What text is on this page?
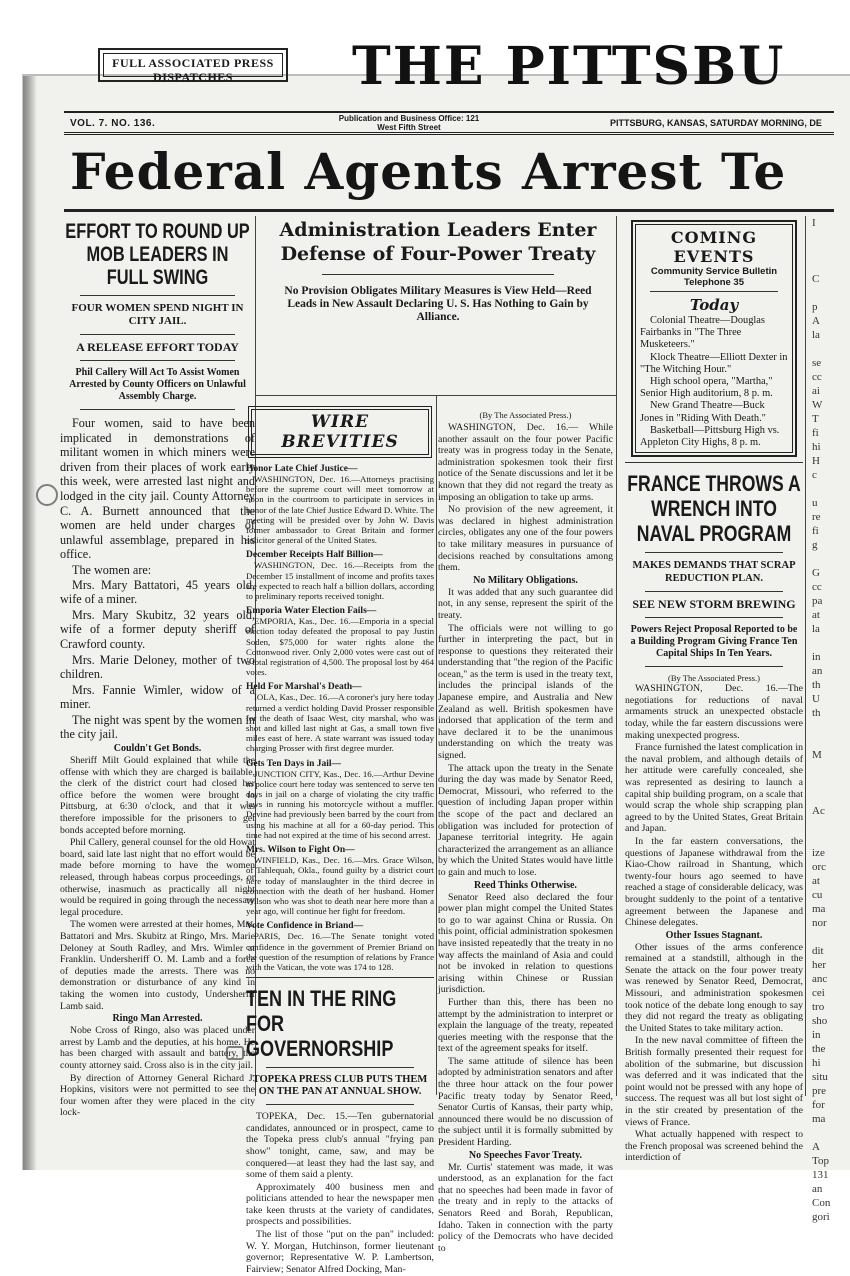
FULL ASSOCIATED PRESS DISPATCHES	THE PITTSBU
VOL. 7. NO. 136.	Publication and Business Office: 121 West Fifth Street	PITTSBURG, KANSAS, SATURDAY MORNING, DE
Federal Agents Arrest Te
EFFORT TO ROUND UP MOB LEADERS IN FULL SWING
FOUR WOMEN SPEND NIGHT IN CITY JAIL.
A RELEASE EFFORT TODAY
Phil Callery Will Act To Assist Women Arrested by County Officers on Unlawful Assembly Charge.

Four women, said to have been implicated in demonstrations of militant women in which miners were driven from their places of work early this week, were arrested last night and lodged in the city jail. County Attorney C. A. Burnett announced that the women are held under charges of unlawful assemblage, prepared in his office.

The women are:

Mrs. Mary Battatori, 45 years old, wife of a miner.

Mrs. Mary Skubitz, 32 years old, wife of a former deputy sheriff of Crawford county.

Mrs. Marie Deloney, mother of two children.

Mrs. Fannie Wimler, widow of a miner.

The night was spent by the women in the city jail.

Couldn't Get Bonds.

Sheriff Milt Gould explained that while the offense with which they are charged is bailable, the clerk of the district court had closed her office before the women were brought to Pittsburg, at 6:30 o'clock, and that it was therefore impossible for the prisoners to get bonds accepted before morning.

Phil Callery, general counsel for the old Howat board, said late last night that no effort would be made before morning to have the women released, through habeas corpus proceedings, or otherwise, inasmuch as practically all night would be required in going through the necessary legal procedure.

The women were arrested at their homes, Mrs. Battatori and Mrs. Skubitz at Ringo, Mrs. Marie Deloney at South Radley, and Mrs. Wimler at Franklin. Undersheriff O. M. Lamb and a force of deputies made the arrests. There was no demonstration or disturbance of any kind in taking the women into custody, Undersheriff Lamb said.

Ringo Man Arrested.

Nobe Cross of Ringo, also was placed under arrest by Lamb and the deputies, at his home. He has been charged with assault and battery, the county attorney said. Cross also is in the city jail.

By direction of Attorney General Richard J. Hopkins, visitors were not permitted to see the four women after they were placed in the city lock-

Administration Leaders Enter Defense of Four-Power Treaty
No Provision Obligates Military Measures is View Held—Reed Leads in New Assault Declaring U. S. Has Nothing to Gain by Alliance.
WIRE BREVITIES

Honor Late Chief Justice—

WASHINGTON, Dec. 16.—Attorneys practising before the supreme court will meet tomorrow at noon in the courtroom to participate in services in honor of the late Chief Justice Edward D. White. The meeting will be presided over by John W. Davis former ambassador to Great Britain and former solicitor general of the United States.

December Receipts Half Billion—

WASHINGTON, Dec. 16.—Receipts from the December 15 installment of income and profits taxes are expected to reach half a billion dollars, according to preliminary reports received tonight.

Emporia Water Election Fails—

EMPORIA, Kas., Dec. 16.—Emporia in a special election today defeated the proposal to pay Justin Soden, $75,000 for water rights alone the Cottonwood river. Only 2,000 votes were cast out of a total registration of 4,500. The proposal lost by 464 votes.

Held For Marshal's Death—

IOLA, Kas., Dec. 16.—A coroner's jury here today returned a verdict holding David Prosser responsible for the death of Isaac West, city marshal, who was shot and killed last night at Gas, a small town five miles east of here. A state warrant was issued today charging Prosser with first degree murder.

Gets Ten Days in Jail—

JUNCTION CITY, Kas., Dec. 16.—Arthur Devine in police court here today was sentenced to serve ten days in jail on a charge of violating the city traffic laws in running his motorcycle without a muffler. Devine had previously been barred by the court from using his machine at all for a 60-day period. This time had not expired at the time of his second arrest.

Mrs. Wilson to Fight On—

WINFIELD, Kas., Dec. 16.—Mrs. Grace Wilson, of Tahlequah, Okla., found guilty by a district court here today of manslaughter in the third decree in connection with the death of her husband. Homer Wilson who was shot to death near here more than a year ago, will continue her fight for freedom.

Vote Confidence in Briand—

PARIS, Dec. 16.—The Senate tonight voted confidence in the government of Premier Briand on the question of the resumption of relations by France with the Vatican, the vote was 174 to 128.

TEN IN THE RING FOR GOVERNORSHIP
TOPEKA PRESS CLUB PUTS THEM ON THE PAN AT ANNUAL SHOW.

TOPEKA, Dec. 15.—Ten gubernatorial candidates, announced or in prospect, came to the Topeka press club's annual "frying pan show" tonight, came, saw, and may be conquered—at least they had the last say, and some of them said a plenty.

Approximately 400 business men and politicians attended to hear the newspaper men take keen thrusts at the variety of candidates, prospects and possibilities.

The list of those "put on the pan" included: W. Y. Morgan, Hutchinson, former lieutenant governor; Representative W. P. Lambertson, Fairview; Senator Alfred Docking, Man-

(By The Associated Press.)

WASHINGTON, Dec. 16.— While another assault on the four power Pacific treaty was in progress today in the Senate, administration spokesmen took their first notice of the Senate discussions and let it be known that they did not regard the treaty as imposing an obligation to take up arms.

No provision of the new agreement, it was declared in highest administration circles, obligates any one of the four powers to take military measures in pursuance of decisions reached by consultations among them.

No Military Obligations.

It was added that any such guarantee did not, in any sense, represent the spirit of the treaty.

The officials were not willing to go further in interpreting the pact, but in response to questions they reiterated their understanding that "the region of the Pacific ocean," as the term is used in the treaty text, includes the principal islands of the Japanese empire, and Australia and New Zealand as well. British spokesmen have indorsed that application of the term and have declared it to be the unanimous understanding on which the treaty was signed.

The attack upon the treaty in the Senate during the day was made by Senator Reed, Democrat, Missouri, who referred to the question of including Japan proper within the scope of the pact and declared an obligation was included for protection of Japanese territorial integrity. He again characterized the arrangement as an alliance by which the United States would have little to gain and much to lose.

Reed Thinks Otherwise.

Senator Reed also declared the four power plan might compel the United States to go to war against China or Russia. On this point, official administration spokesmen have insisted repeatedly that the treaty in no way affects the mainland of Asia and could not be invoked in relation to questions arising within Chinese or Russian jurisdiction.

Further than this, there has been no attempt by the administration to interpret or explain the language of the treaty, repeated queries meeting with the response that the text of the agreement speaks for itself.

The same attitude of silence has been adopted by administration senators and after the three hour attack on the four power Pacific treaty today by Senator Reed, Senator Curtis of Kansas, their party whip, announced there would be no discussion of the subject until it is formally submitted by President Harding.

No Speeches Favor Treaty.

Mr. Curtis' statement was made, it was understood, as an explanation for the fact that no speeches had been made in favor of the treaty and in reply to the attacks of Senators Reed and Borah, Republican, Idaho. Taken in connection with the party policy of the Democrats who have decided to

COMING EVENTS
Community Service Bulletin
Telephone 35
Today

Colonial Theatre—Douglas Fairbanks in "The Three Musketeers."

Klock Theatre—Elliott Dexter in "The Witching Hour."

High school opera, "Martha," Senior High auditorium, 8 p. m.

New Grand Theatre—Buck Jones in "Riding With Death."

Basketball—Pittsburg High vs. Appleton City Highs, 8 p. m.

FRANCE THROWS A WRENCH INTO NAVAL PROGRAM
MAKES DEMANDS THAT SCRAP REDUCTION PLAN.
SEE NEW STORM BREWING
Powers Reject Proposal Reported to be a Building Program Giving France Ten Capital Ships In Ten Years.

(By The Associated Press.)

WASHINGTON, Dec. 16.—The negotiations for reductions of naval armaments struck an unexpected obstacle today, while the far eastern discussions were making unexpected progress.

France furnished the latest complication in the naval problem, and although details of her attitude were carefully concealed, she was represented as desiring to launch a capital ship building program, on a scale that would scrap the whole ship scrapping plan agreed to by the United States, Great Britain and Japan.

In the far eastern conversations, the questions of Japanese withdrawal from the Kiao-Chow railroad in Shantung, which twenty-four hours ago seemed to have reached a stage of considerable delicacy, was brought suddenly to the point of a tentative agreement between the Japanese and Chinese delegates.

Other Issues Stagnant.

Other issues of the arms conference remained at a standstill, although in the Senate the attack on the four power treaty was renewed by Senator Reed, Democrat, Missouri, and administration spokesmen took notice of the debate long enough to say they did not regard the treaty as obligating the United States to take military action.

In the new naval committee of fifteen the British formally presented their request for abolition of the submarine, but discussion was deferred and it was indicated that the point would not be pressed with any hope of success. The request was all but lost sight of in the stir created by presentation of the views of France.

What actually happened with respect to the French proposal was screened behind the interdiction of

I

C

p
A
la

se
cc
ai
W
T
fi
hi
H
c

u
re
fi
g

G
cc
pa
at
la

in
an
th
U
th

M

Ac

ize
orc
at
cu
ma
nor

dit
her
anc
cei
tro
sho
in
the
hi
situ
pre
for
ma

A
Top
131
an
Con
gori
